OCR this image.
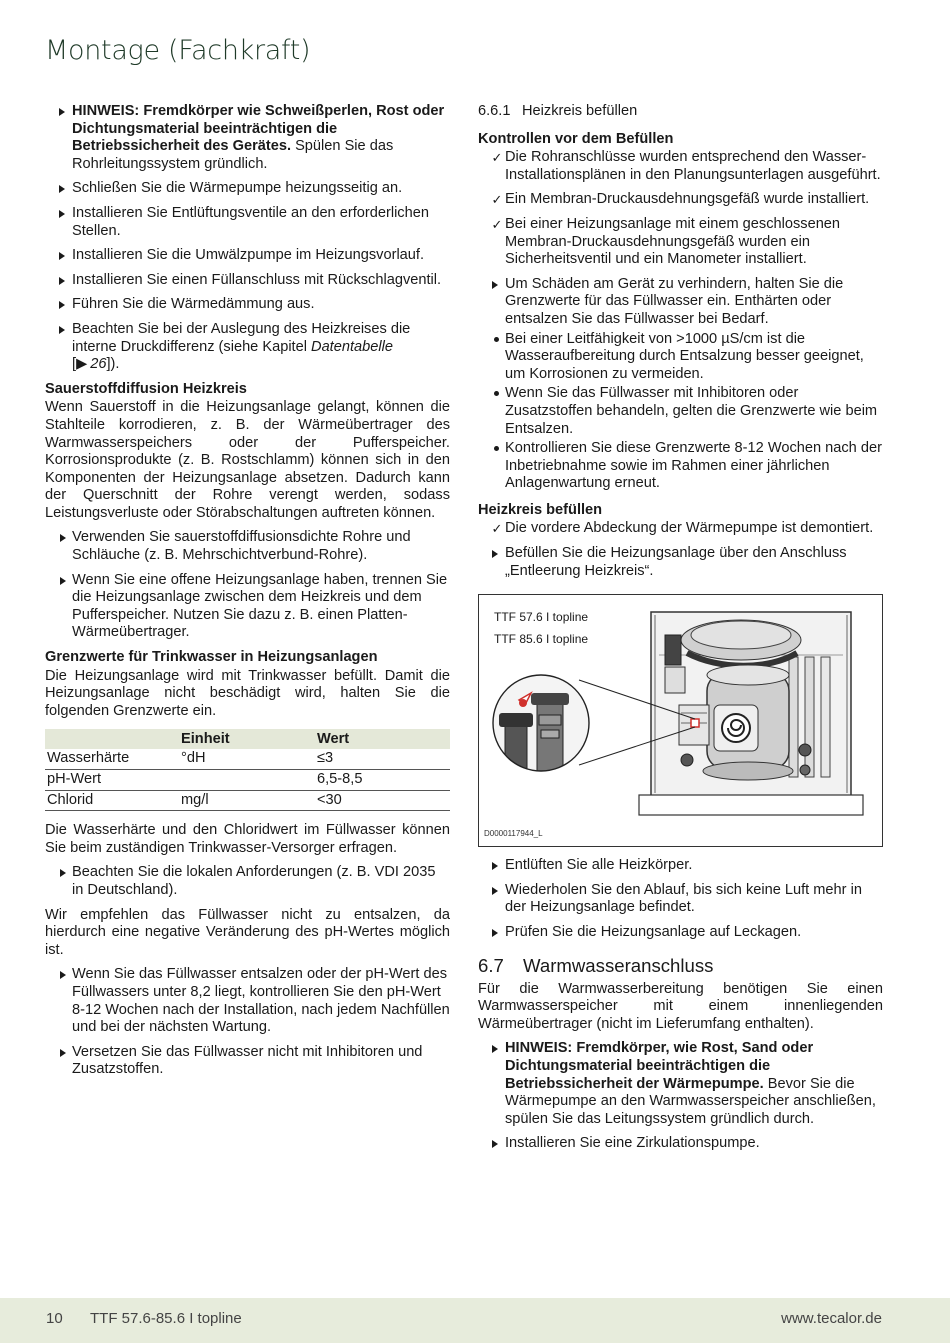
Montage (Fachkraft)
HINWEIS: Fremdkörper wie Schweißperlen, Rost oder Dichtungsmaterial beeinträchtigen die Betriebssicherheit des Gerätes. Spülen Sie das Rohrleitungssystem gründlich.
Schließen Sie die Wärmepumpe heizungsseitig an.
Installieren Sie Entlüftungsventile an den erforderlichen Stellen.
Installieren Sie die Umwälzpumpe im Heizungsvorlauf.
Installieren Sie einen Füllanschluss mit Rückschlagventil.
Führen Sie die Wärmedämmung aus.
Beachten Sie bei der Auslegung des Heizkreises die interne Druckdifferenz (siehe Kapitel Datentabelle
[▶  26]).
Sauerstoffdiffusion Heizkreis
Wenn Sauerstoff in die Heizungsanlage gelangt, können die Stahlteile korrodieren, z. B. der Wärmeübertrager des Warmwasserspeichers oder der Pufferspeicher. Korrosionsprodukte (z. B. Rostschlamm) können sich in den Komponenten der Heizungsanlage absetzen. Dadurch kann der Querschnitt der Rohre verengt werden, sodass Leistungsverluste oder Störabschaltungen auftreten können.
Verwenden Sie sauerstoffdiffusionsdichte Rohre und Schläuche (z. B. Mehrschichtverbund-Rohre).
Wenn Sie eine offene Heizungsanlage haben, trennen Sie die Heizungsanlage zwischen dem Heizkreis und dem Pufferspeicher. Nutzen Sie dazu z. B. einen Platten-Wärmeübertrager.
Grenzwerte für Trinkwasser in Heizungsanlagen
Die Heizungsanlage wird mit Trinkwasser befüllt. Damit die Heizungsanlage nicht beschädigt wird, halten Sie die folgenden Grenzwerte ein.
	Einheit	Wert
Wasserhärte	°dH	≤3
pH-Wert		6,5-8,5
Chlorid	mg/l	<30
Die Wasserhärte und den Chloridwert im Füllwasser können Sie beim zuständigen Trinkwasser-Versorger erfragen.
Beachten Sie die lokalen Anforderungen (z. B. VDI 2035 in Deutschland).
Wir empfehlen das Füllwasser nicht zu entsalzen, da hierdurch eine negative Veränderung des pH-Wertes möglich ist.
Wenn Sie das Füllwasser entsalzen oder der pH-Wert des Füllwassers unter 8,2 liegt, kontrollieren Sie den pH-Wert 8-12 Wochen nach der Installation, nach jedem Nachfüllen und bei der nächsten Wartung.
Versetzen Sie das Füllwasser nicht mit Inhibitoren und Zusatzstoffen.
6.6.1 Heizkreis befüllen
Kontrollen vor dem Befüllen
✓ Die Rohranschlüsse wurden entsprechend den Wasser-Installationsplänen in den Planungsunterlagen ausgeführt.
✓ Ein Membran-Druckausdehnungsgefäß wurde installiert.
✓ Bei einer Heizungsanlage mit einem geschlossenen Membran-Druckausdehnungsgefäß wurden ein Sicherheitsventil und ein Manometer installiert.
Um Schäden am Gerät zu verhindern, halten Sie die Grenzwerte für das Füllwasser ein. Enthärten oder entsalzen Sie das Füllwasser bei Bedarf.
Bei einer Leitfähigkeit von >1000 µS/cm ist die Wasseraufbereitung durch Entsalzung besser geeignet, um Korrosionen zu vermeiden.
Wenn Sie das Füllwasser mit Inhibitoren oder Zusatzstoffen behandeln, gelten die Grenzwerte wie beim Entsalzen.
Kontrollieren Sie diese Grenzwerte 8-12 Wochen nach der Inbetriebnahme sowie im Rahmen einer jährlichen Anlagenwartung erneut.
Heizkreis befüllen
✓ Die vordere Abdeckung der Wärmepumpe ist demontiert.
Befüllen Sie die Heizungsanlage über den Anschluss „Entleerung Heizkreis“.
TTF 57.6 I topline
TTF 85.6 I topline
D0000117944_L
Entlüften Sie alle Heizkörper.
Wiederholen Sie den Ablauf, bis sich keine Luft mehr in der Heizungsanlage befindet.
Prüfen Sie die Heizungsanlage auf Leckagen.
6.7 Warmwasseranschluss
Für die Warmwasserbereitung benötigen Sie einen Warmwasserspeicher mit einem innenliegenden Wärmeübertrager (nicht im Lieferumfang enthalten).
HINWEIS: Fremdkörper, wie Rost, Sand oder Dichtungsmaterial beeinträchtigen die Betriebssicherheit der Wärmepumpe. Bevor Sie die Wärmepumpe an den Warmwasserspeicher anschließen, spülen Sie das Leitungssystem gründlich durch.
Installieren Sie eine Zirkulationspumpe.
10 TTF 57.6-85.6 I topline	www.tecalor.de
